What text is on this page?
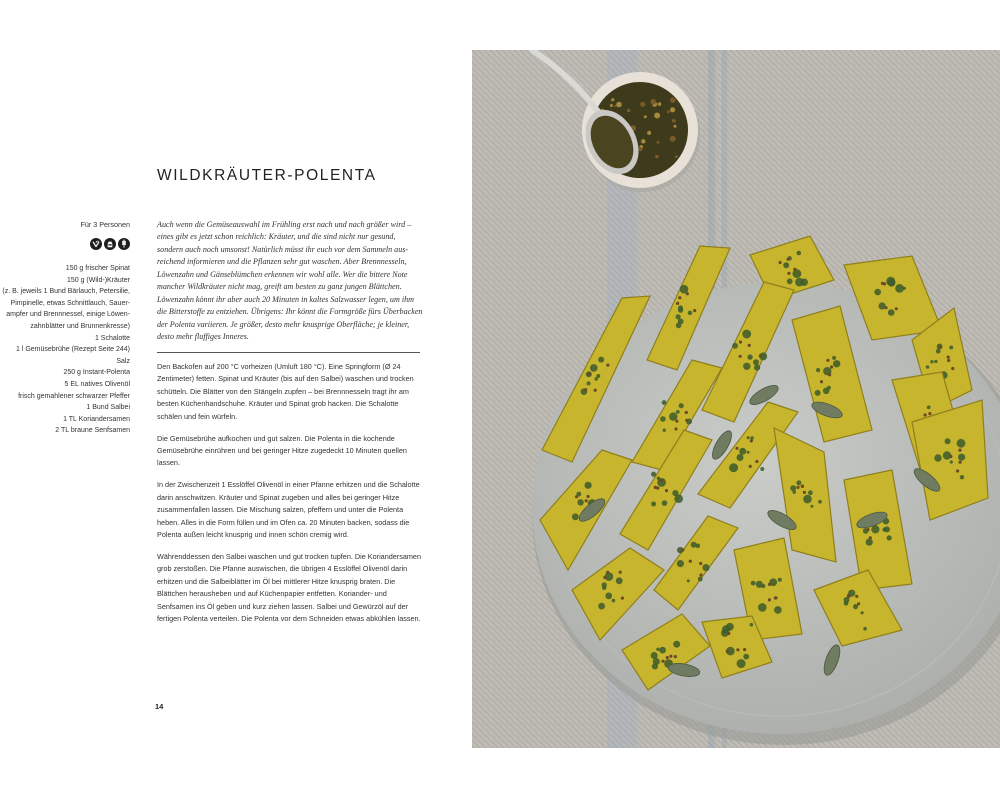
WILDKRÄUTER-POLENTA
Für 3 Personen
150 g frischer Spinat
150 g (Wild-)Kräuter
(z. B. jeweils 1 Bund Bärlauch, Petersilie,
Pimpinelle, etwas Schnittlauch, Sauer-
ampfer und Brennnessel, einige Löwen-
zahnblätter und Brunnenkresse)
1 Schalotte
1 l Gemüsebrühe (Rezept Seite 244)
Salz
250 g Instant-Polenta
5 EL natives Olivenöl
frisch gemahlener schwarzer Pfeffer
1 Bund Salbei
1 TL Koriandersamen
2 TL braune Senfsamen

Auch wenn die Gemüseauswahl im Frühling erst nach und nach größer wird – eines gibt es jetzt schon reichlich: Kräuter, und die sind nicht nur gesund, sondern auch noch umsonst! Natürlich müsst ihr euch vor dem Sammeln ausreichend informieren und die Pflanzen sehr gut waschen. Aber Brennnesseln, Löwenzahn und Gänseblümchen erkennen wir wohl alle. Wer die bittere Note mancher Wildkräuter nicht mag, greift am besten zu ganz jungen Blättchen. Löwenzahn könnt ihr aber auch 20 Minuten in kaltes Salzwasser legen, um ihm die Bitterstoffe zu entziehen. Übrigens: Ihr könnt die Formgröße fürs Überbacken der Polenta variieren. Je größer, desto mehr knusprige Oberfläche; je kleiner, desto mehr fluffiges Inneres.

Den Backofen auf 200 °C vorheizen (Umluft 180 °C). Eine Springform (Ø 24 Zentimeter) fetten. Spinat und Kräuter (bis auf den Salbei) waschen und trocken schütteln. Die Blätter von den Stängeln zupfen – bei Brennnesseln tragt ihr am besten Küchenhandschuhe. Kräuter und Spinat grob hacken. Die Schalotte schälen und fein würfeln.

Die Gemüsebrühe aufkochen und gut salzen. Die Polenta in die kochende Gemüsebrühe einrühren und bei geringer Hitze zugedeckt 10 Minuten quellen lassen.

In der Zwischenzeit 1 Esslöffel Olivenöl in einer Pfanne erhitzen und die Schalotte darin anschwitzen. Kräuter und Spinat zugeben und alles bei geringer Hitze zusammenfallen lassen. Die Mischung salzen, pfeffern und unter die Polenta heben. Alles in die Form füllen und im Ofen ca. 20 Minuten backen, sodass die Polenta außen leicht knusprig und innen schön cremig wird.

Währenddessen den Salbei waschen und gut trocken tupfen. Die Koriandersamen grob zerstoßen. Die Pfanne auswischen, die übrigen 4 Esslöffel Olivenöl darin erhitzen und die Salbeiblätter im Öl bei mittlerer Hitze knusprig braten. Die Blättchen herausheben und auf Küchenpapier entfetten. Koriander- und Senfsamen ins Öl geben und kurz ziehen lassen. Salbei und Gewürzöl auf der fertigen Polenta verteilen. Die Polenta vor dem Schneiden etwas abkühlen lassen.

14
